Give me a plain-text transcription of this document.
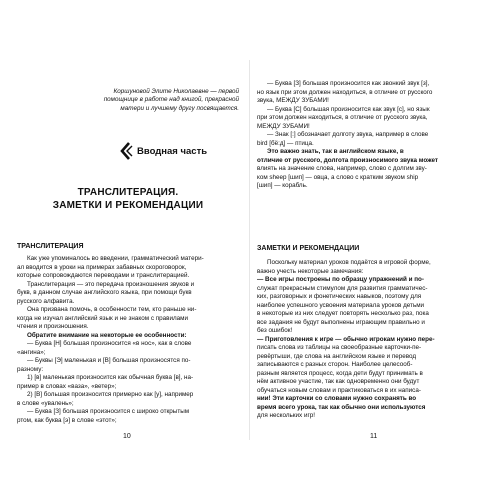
Коршуновой Элите Николаевне — первой
помощнице в работе над книгой, прекрасной
матери и лучшему другу посвящается.
Вводная часть
ТРАНСЛИТЕРАЦИЯ.
ЗАМЕТКИ И РЕКОМЕНДАЦИИ
ТРАНСЛИТЕРАЦИЯ

Как уже упоминалось во введении, грамматический матери-

ал вводится в уроки на примерах забавных скороговорок,

которые сопровождаются переводами и транслитерацией.

Транслитерация — это передача произношения звуков и

букв, в данном случае английского языка, при помощи букв

русского алфавита.

Она призвана помочь, в особенности тем, кто раньше ни-

когда не изучал английский язык и не знаком с правилами

чтения и произношения.

Обратите внимание на некоторые ее особенности:

— Буква [Н] большая произносится «в нос», как в слове

«ангина»;

— Буквы [Э] маленькая и [В] большая произносятся по-

разному:

1) [в] маленькая произносится как обычная буква [в], на-

пример в словах «ваза», «ветер»;

2) [В] большая произносится примерно как [у], например

в слове «увалень»;

— Буква [З] большая произносится с широко открытым

ртом, как буква [э] в слове «этот»;

10

— Буква [З] большая произносится как звонкий звук [з],

но язык при этом должен находиться, в отличие от русского

звука, МЕЖДУ ЗУБАМИ!

— Буква [С] большая произносится как звук [с], но язык

при этом должен находиться, в отличие от русского звука,

МЕЖДУ ЗУБАМИ!

— Знак [:] обозначает долготу звука, например в слове

bird [бё:д] — птица.

Это важно знать, так в английском языке, в

отличие от русского, долгота произносимого звука может

влиять на значение слова, например, слово с долгим зву-

ком sheep [шип] — овца, а слово с кратким звуком ship

[шип] — корабль.

ЗАМЕТКИ И РЕКОМЕНДАЦИИ

Поскольку материал уроков подаётся в игровой форме,

важно учесть некоторые замечания:

— Все игры построены по образцу упражнений и по-

служат прекрасным стимулом для развития грамматичес-

ких, разговорных и фонетических навыков, поэтому для

наиболее успешного усвоения материала уроков детьми

в некоторые из них следует повторять несколько раз, пока

все задания не будут выполнены играющим правильно и

без ошибок!

— Приготовления к игре — обычно игрокам нужно пере-

писать слова из таблицы на своеобразные карточки-пе-

ревёртыши, где слова на английском языке и перевод

записываются с разных сторон. Наиболее целесооб-

разным является процесс, когда дети будут принимать в

нём активное участие, так как одновременно они будут

обучаться новым словам и практиковаться в их написа-

нии! Эти карточки со словами нужно сохранять во

время всего урока, так как обычно они используются

для нескольких игр!

11
